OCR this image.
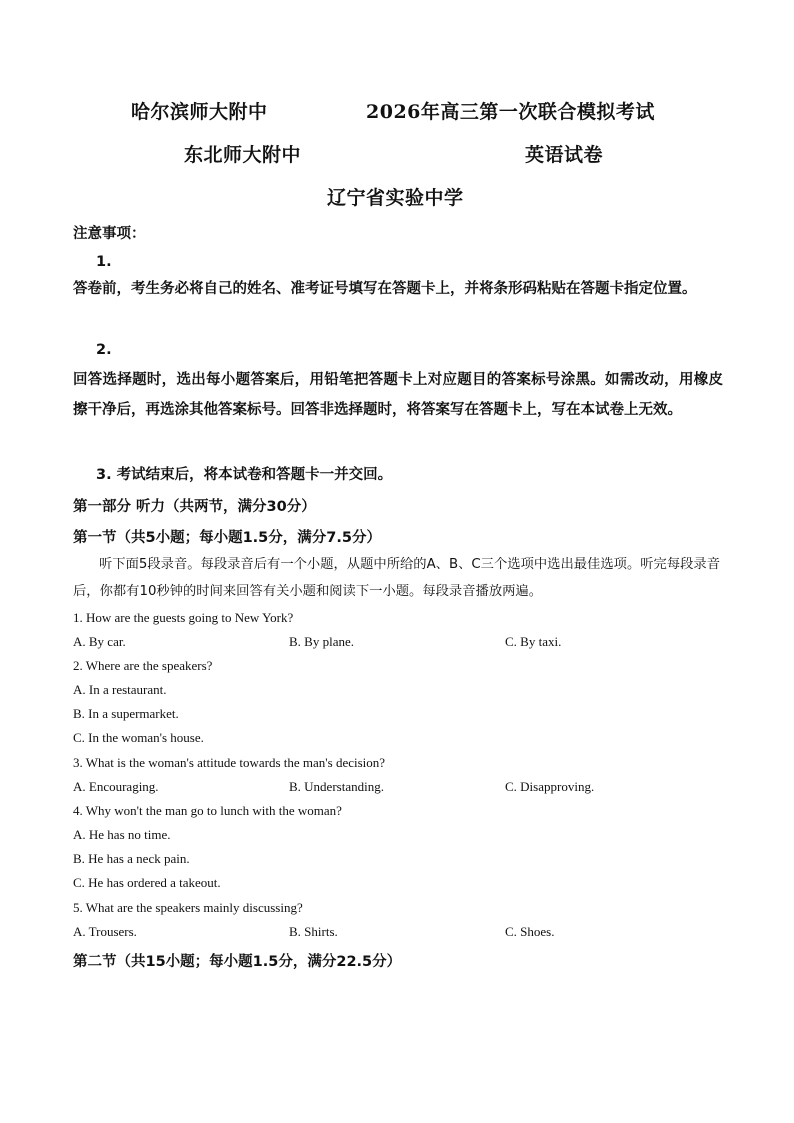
哈尔滨师大附中	2026年高三第一次联合模拟考试
东北师大附中	英语试卷
辽宁省实验中学
注意事项：
1.
答卷前，考生务必将自己的姓名、准考证号填写在答题卡上，并将条形码粘贴在答题卡指定位置。
2.
回答选择题时，选出每小题答案后，用铅笔把答题卡上对应题目的答案标号涂黑。如需改动，用橡皮擦干净后，再选涂其他答案标号。回答非选择题时，将答案写在答题卡上，写在本试卷上无效。
3. 考试结束后，将本试卷和答题卡一并交回。
第一部分 听力（共两节，满分30分）
第一节（共5小题；每小题1.5分，满分7.5分）
听下面5段录音。每段录音后有一个小题，从题中所给的A、B、C三个选项中选出最佳选项。听完每段录音后，你都有10秒钟的时间来回答有关小题和阅读下一小题。每段录音播放两遍。
1. How are the guests going to New York?
A. By car.	B. By plane.	C. By taxi.
2. Where are the speakers?
A. In a restaurant.
B. In a supermarket.
C. In the woman's house.
3. What is the woman's attitude towards the man's decision?
A. Encouraging.	B. Understanding.	C. Disapproving.
4. Why won't the man go to lunch with the woman?
A. He has no time.
B. He has a neck pain.
C. He has ordered a takeout.
5. What are the speakers mainly discussing?
A. Trousers.	B. Shirts.	C. Shoes.
第二节（共15小题；每小题1.5分，满分22.5分）
